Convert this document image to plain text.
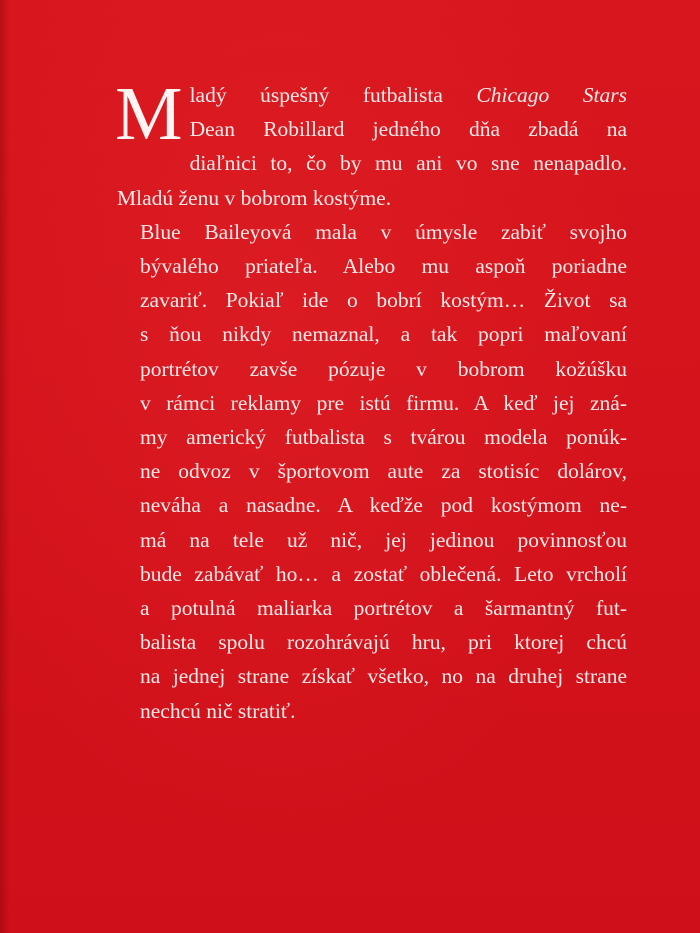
M ladý úspešný futbalista Chicago Stars
Dean Robillard jedného dňa zbadá na
diaľnici to, čo by mu ani vo sne nenapadlo.
Mladú ženu v bobrom kostýme.
Blue Baileyová mala v úmysle zabiť svojho
bývalého priateľa. Alebo mu aspoň poriadne
zavariť. Pokiaľ ide o bobrí kostým… Život sa
s ňou nikdy nemaznal, a tak popri maľovaní
portrétov zavše pózuje v bobrom kožúšku
v rámci reklamy pre istú firmu. A keď jej zná-
my americký futbalista s tvárou modela ponúk-
ne odvoz v športovom aute za stotisíc dolárov,
neváha a nasadne. A keďže pod kostýmom ne-
má na tele už nič, jej jedinou povinnosťou
bude zabávať ho… a zostať oblečená. Leto vrcholí
a potulná maliarka portrétov a šarmantný fut-
balista spolu rozohrávajú hru, pri ktorej chcú
na jednej strane získať všetko, no na druhej strane
nechcú nič stratiť.
